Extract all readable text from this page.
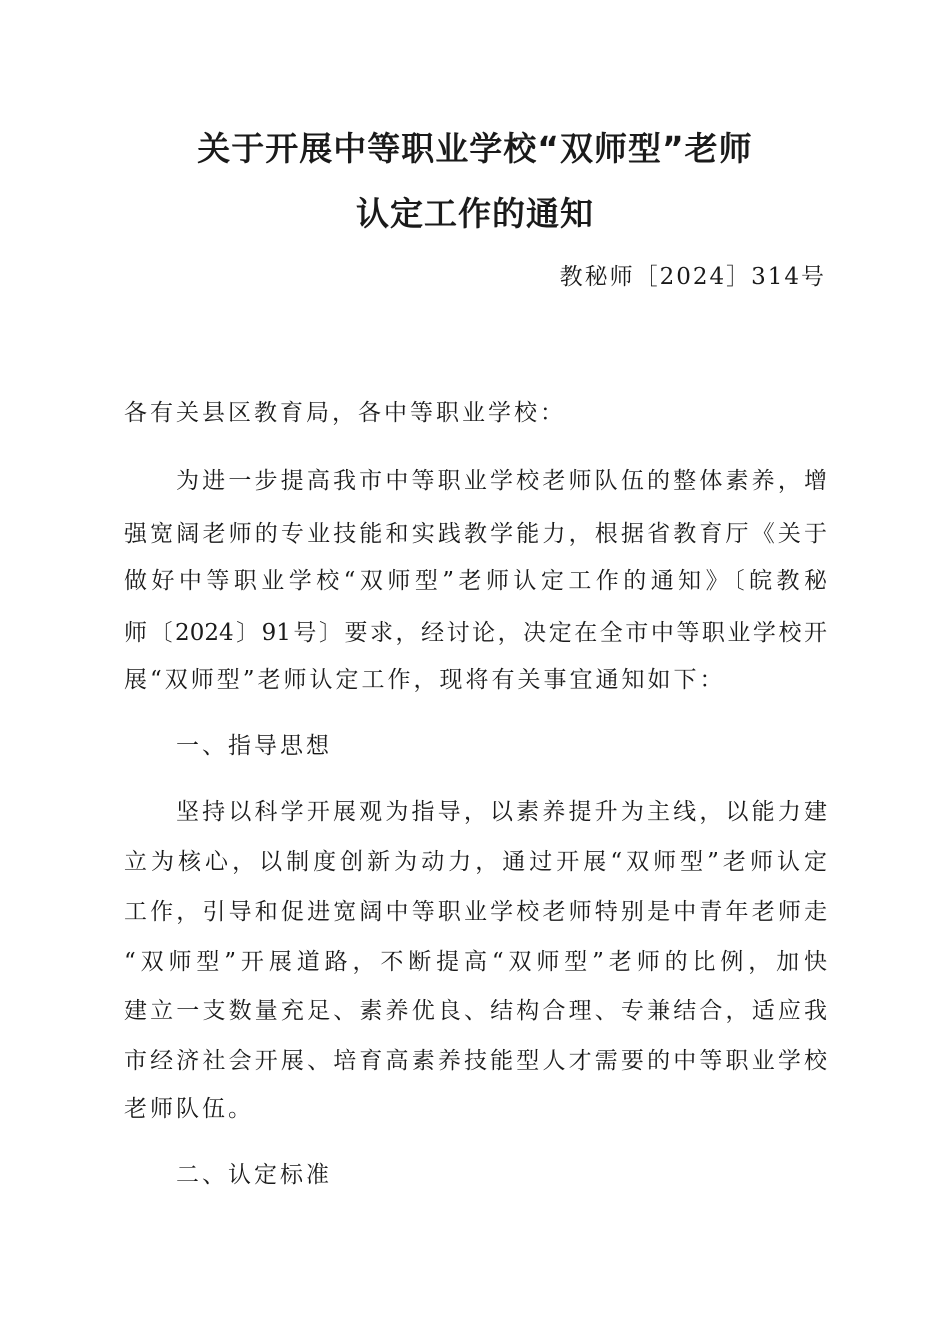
关于开展中等职业学校“双师型”老师
认定工作的通知
教秘师［2024］314号
各有关县区教育局，各中等职业学校：
为进一步提高我市中等职业学校老师队伍的整体素养，增
强宽阔老师的专业技能和实践教学能力，根据省教育厅《关于
做好中等职业学校“双师型”老师认定工作的通知》〔皖教秘
师〔2024〕91号〕要求，经讨论，决定在全市中等职业学校开
展“双师型”老师认定工作，现将有关事宜通知如下：
一、指导思想
坚持以科学开展观为指导，以素养提升为主线，以能力建
立为核心，以制度创新为动力，通过开展“双师型”老师认定
工作，引导和促进宽阔中等职业学校老师特别是中青年老师走
“双师型”开展道路，不断提高“双师型”老师的比例，加快
建立一支数量充足、素养优良、结构合理、专兼结合，适应我
市经济社会开展、培育高素养技能型人才需要的中等职业学校
老师队伍。
二、认定标准
